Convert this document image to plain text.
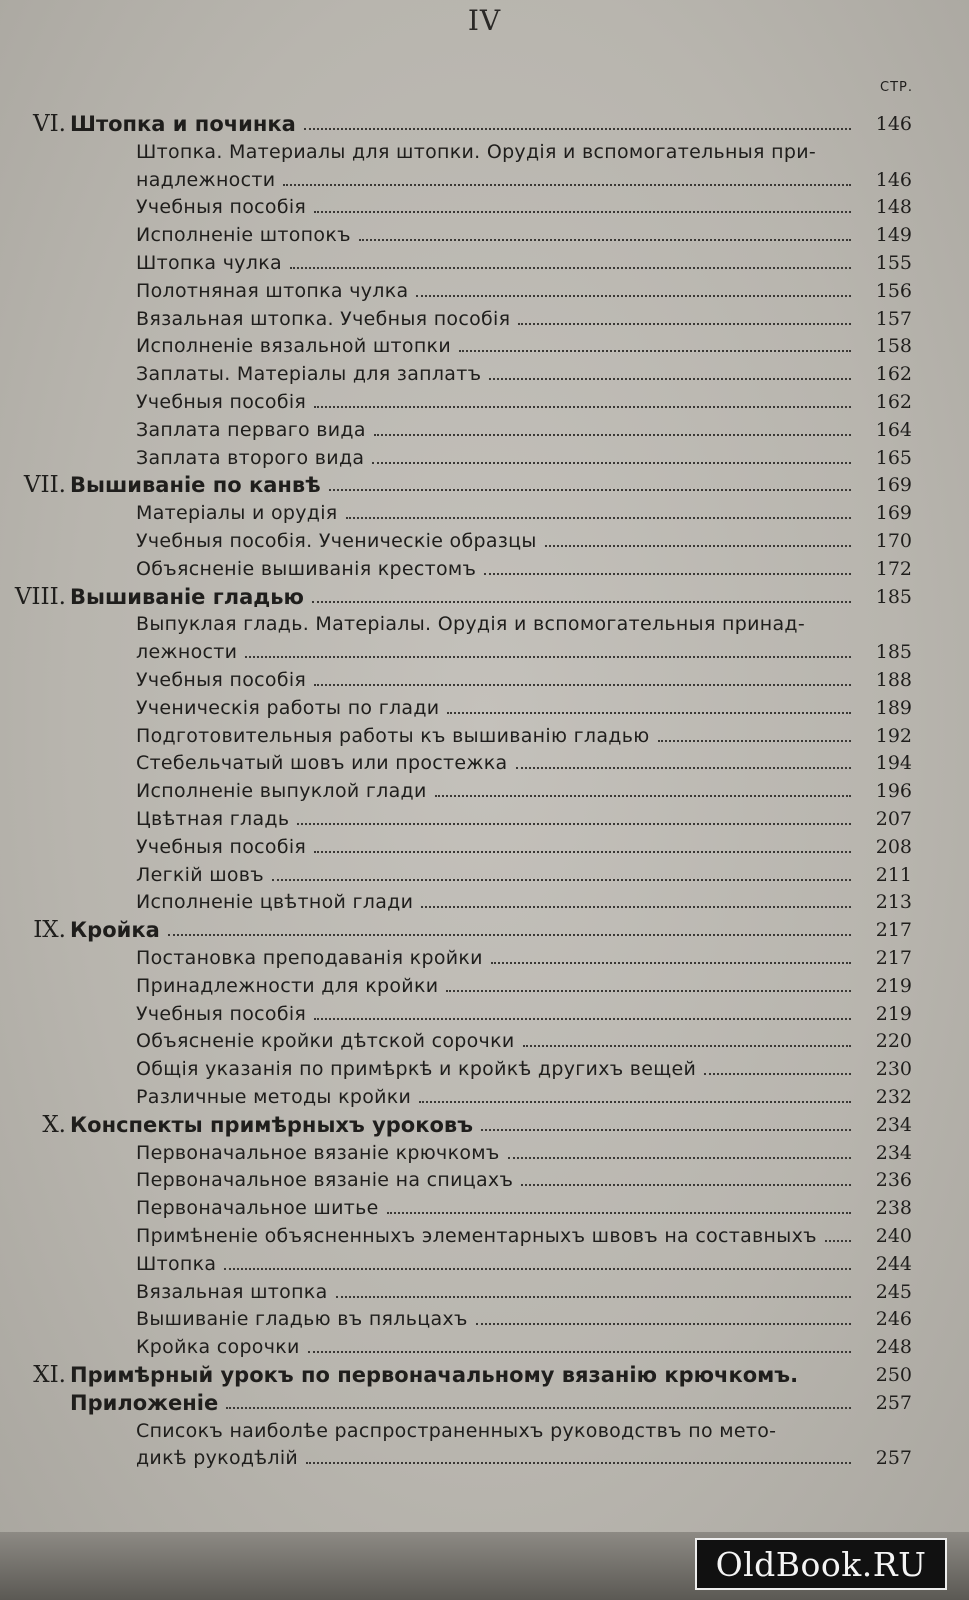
IV
СТР.
VI. Штопка и починка	146
Штопка. Материалы для штопки. Орудія и вспомогательныя при-
надлежности	146
Учебныя пособія	148
Исполненіе штопокъ	149
Штопка чулка	155
Полотняная штопка чулка	156
Вязальная штопка. Учебныя пособія	157
Исполненіе вязальной штопки	158
Заплаты. Матеріалы для заплатъ	162
Учебныя пособія	162
Заплата перваго вида	164
Заплата второго вида	165
VII. Вышиваніе по канвѣ	169
Матеріалы и орудія	169
Учебныя пособія. Ученическіе образцы	170
Объясненіе вышиванія крестомъ	172
VIII. Вышиваніе гладью	185
Выпуклая гладь. Матеріалы. Орудія и вспомогательныя принад-
лежности	185
Учебныя пособія	188
Ученическія работы по глади	189
Подготовительныя работы къ вышиванію гладью	192
Стебельчатый шовъ или простежка	194
Исполненіе выпуклой глади	196
Цвѣтная гладь	207
Учебныя пособія	208
Легкій шовъ	211
Исполненіе цвѣтной глади	213
IX. Кройка	217
Постановка преподаванія кройки	217
Принадлежности для кройки	219
Учебныя пособія	219
Объясненіе кройки дѣтской сорочки	220
Общія указанія по примѣркѣ и кройкѣ другихъ вещей	230
Различные методы кройки	232
X. Конспекты примѣрныхъ уроковъ	234
Первоначальное вязаніе крючкомъ	234
Первоначальное вязаніе на спицахъ	236
Первоначальное шитье	238
Примѣненіе объясненныхъ элементарныхъ швовъ на составныхъ	240
Штопка	244
Вязальная штопка	245
Вышиваніе гладью въ пяльцахъ	246
Кройка сорочки	248
XI. Примѣрный урокъ по первоначальному вязанію крючкомъ.	250
Приложеніе	257
Списокъ наиболѣе распространенныхъ руководствъ по мето-
дикѣ рукодѣлій	257
OldBook.RU
